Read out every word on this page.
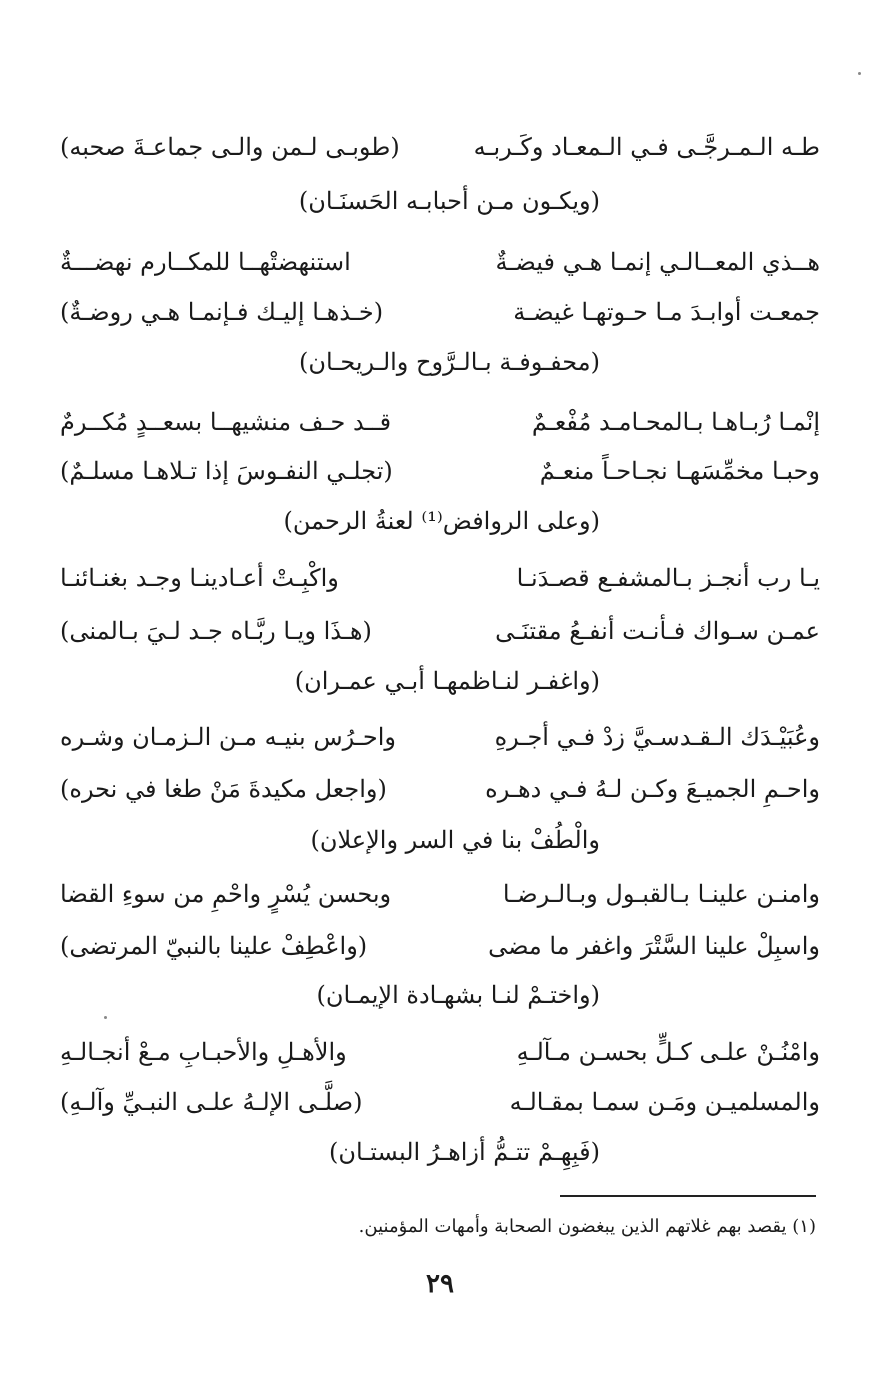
طـه الـمـرجَّـى فـي الـمعـاد وكَـربـه
(طوبـى لـمن والـى جماعـةَ صحبه)
(ويكـون مـن أحبابـه الحَسنَـان)
هــذي المعــالـي إنمـا هـي فيضـةٌ
استنهضتْهــا للمكــارم نهضـــةٌ
جمعـت أوابـدَ مـا حـوتهـا غيضـة
(خـذهـا إليـك فـإنمـا هـي روضـةٌ)
(محفـوفـة بـالـرَّوح والـريحـان)
إنْمـا رُبـاهـا بـالمحـامـد مُفْعـمٌ
قــد حـف منشيهــا بسعــدٍ مُكــرمٌ
وحبـا مخمِّسَهـا نجـاحـاً منعـمٌ
(تجلـي النفـوسَ إذا تـلاهـا مسلـمٌ)
(وعلى الروافض⁽¹⁾ لعنةُ الرحمن)
يـا رب أنجـز بـالمشفـع قصـدَنـا
واكْبِـتْ أعـادينـا وجـد بغنـائنـا
عمـن سـواك فـأنـت أنفـعُ مقتنَـى
(هـذَا ويـا ربَّـاه جـد لـيَ بـالمنى)
(واغفـر لنـاظمهـا أبـي عمـران)
وعُبَيْـدَك الـقـدسـيَّ زدْ فـي أجـرهِ
واحـرُس بنيـه مـن الـزمـان وشـره
واحـمِ الجميـعَ وكـن لـهُ فـي دهـره
(واجعل مكيدةَ مَنْ طغا في نحره)
والْطُفْ بنا في السر والإعلان)
وامنـن علينـا بـالقبـول وبـالـرضـا
وبحسن يُسْرٍ واحْمِ من سوءِ القضا
واسبِلْ علينا السَّتْرَ واغفر ما مضى
(واعْطِفْ علينا بالنبيّ المرتضى)
(واختـمْ لنـا بشهـادة الإيمـان)
وامْنُـنْ علـى كـلٍّ بحسـن مـآلـهِ
والأهـلِ والأحبـابِ مـعْ أنجـالـهِ
والمسلميـن ومَـن سمـا بمقـالـه
(صلَّـى الإلـهُ علـى النبـيِّ وآلـهِ)
(فَبِهِـمْ تتـمُّ أزاهـرُ البستـان)
(١) يقصد بهم غلاتهم الذين يبغضون الصحابة وأمهات المؤمنين.
٢٩
